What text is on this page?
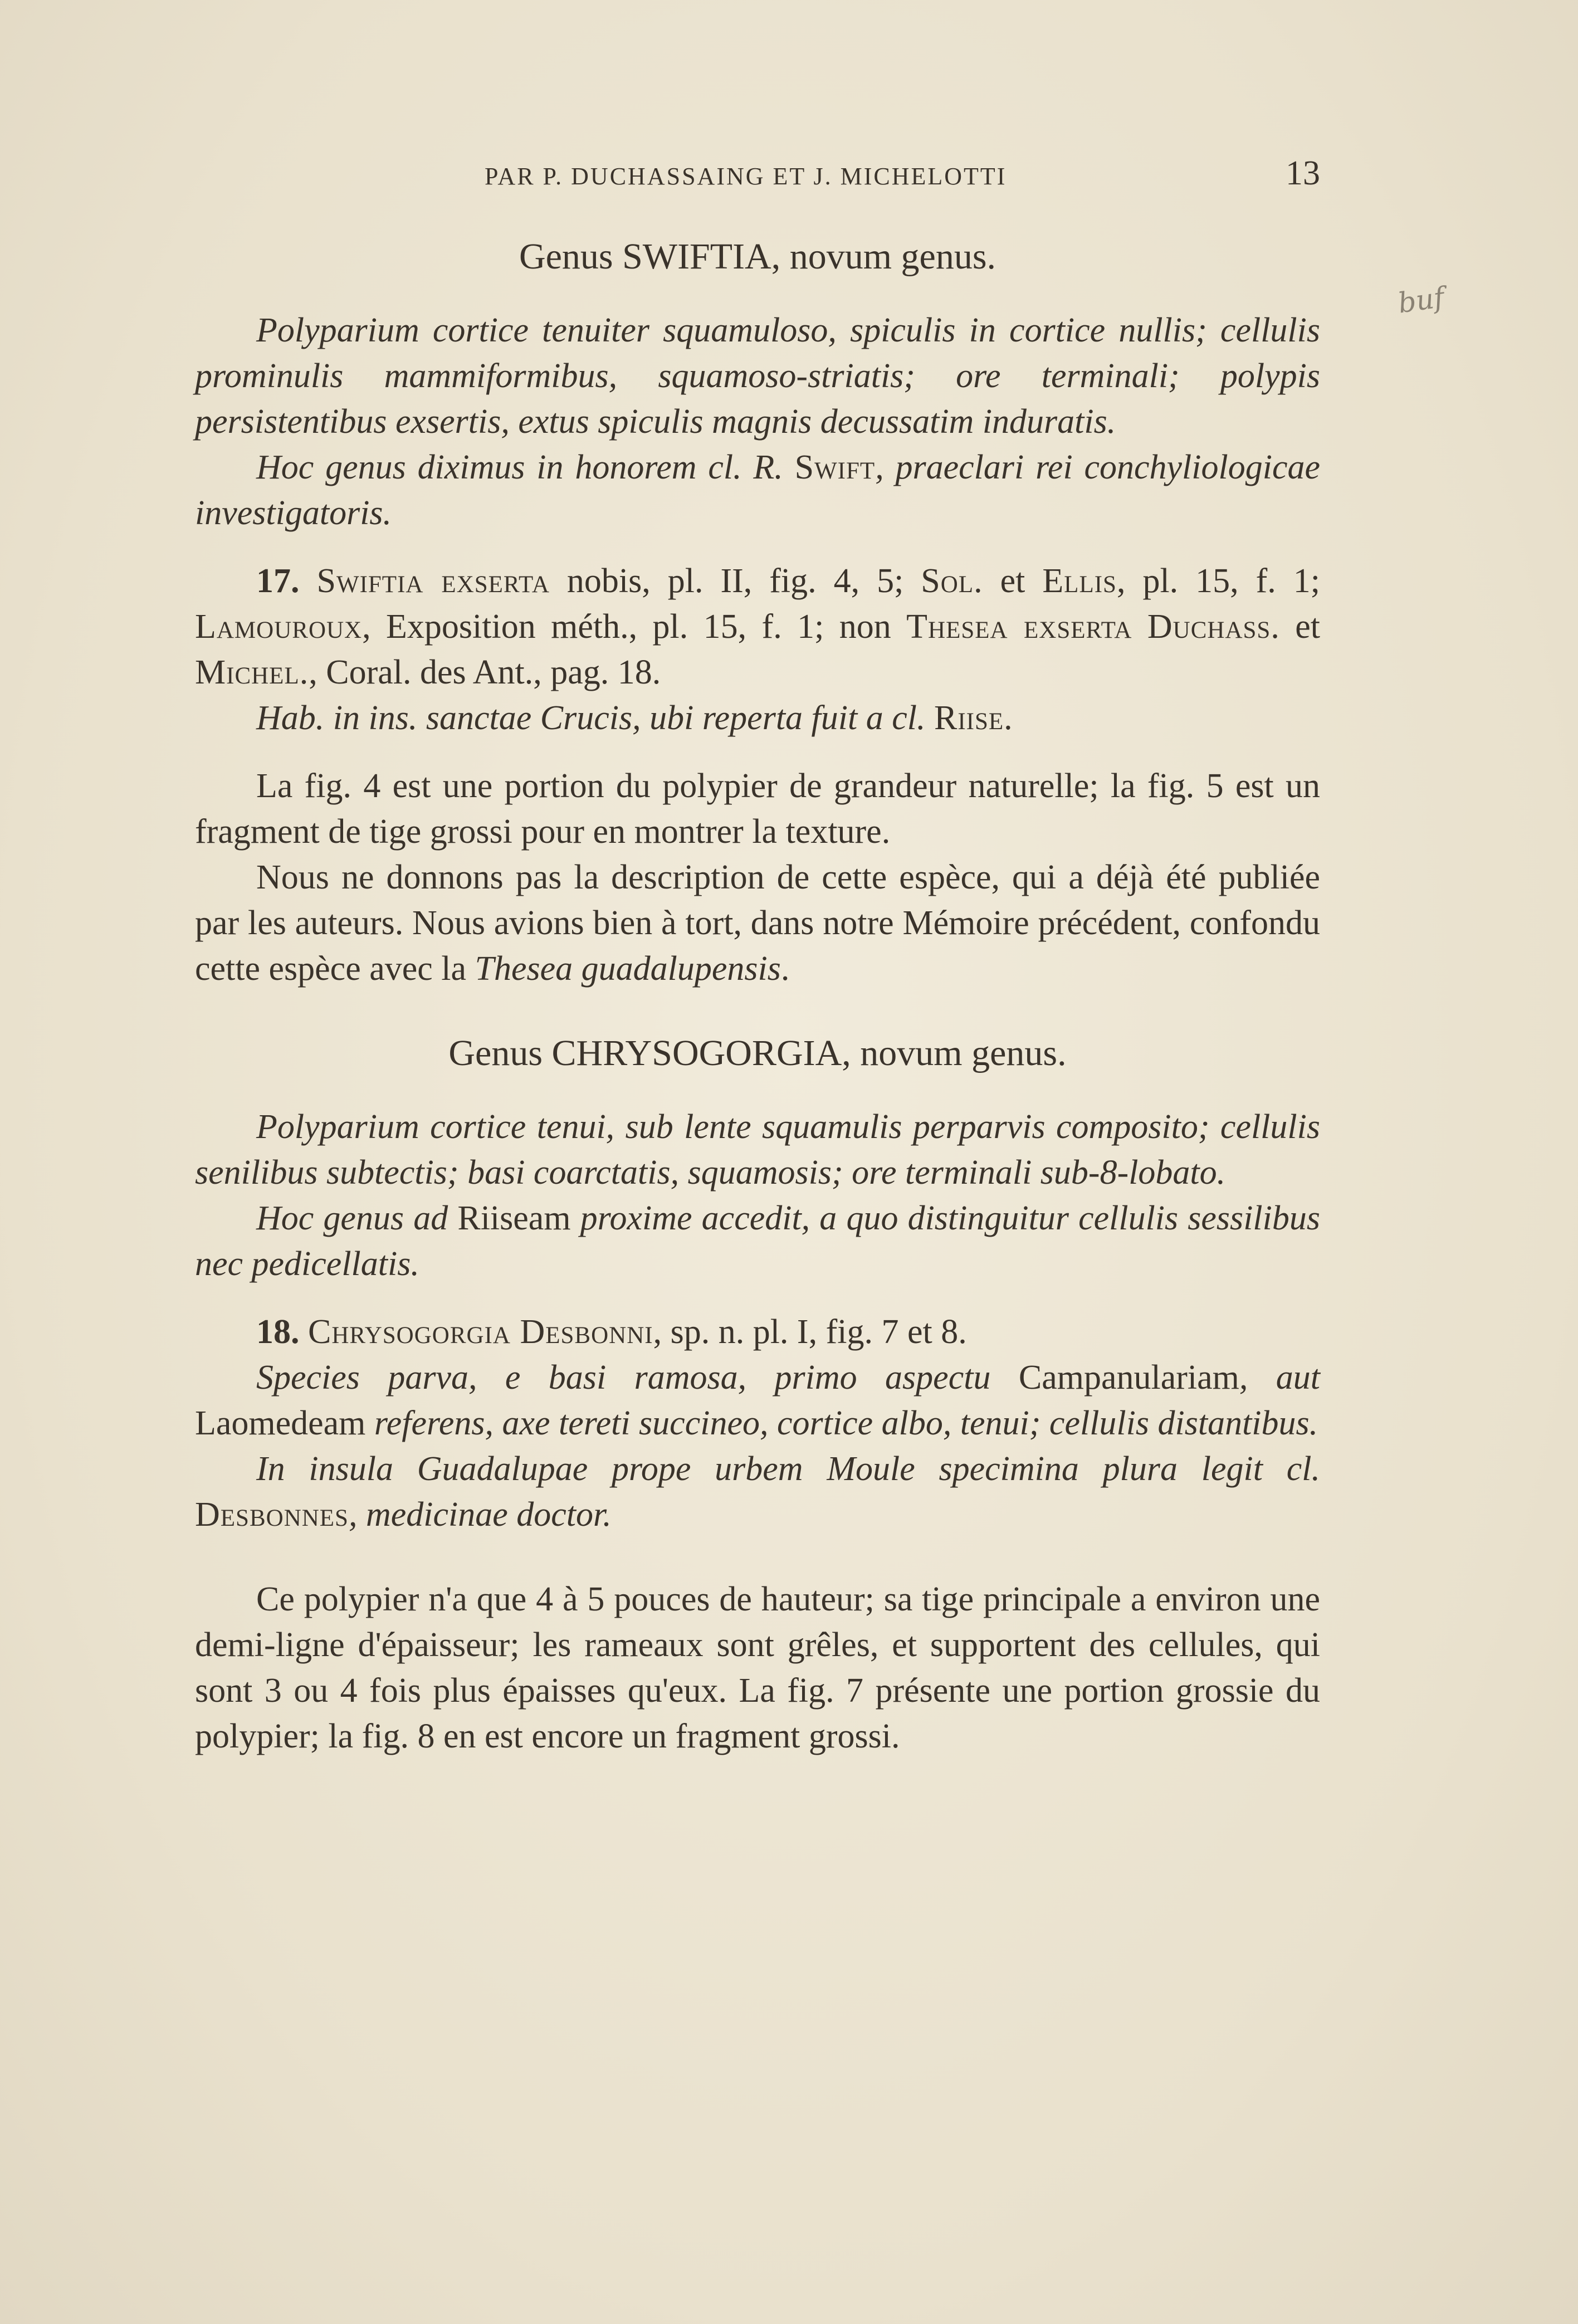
buf
PAR P. DUCHASSAING ET J. MICHELOTTI	13
Genus SWIFTIA, novum genus.

Polyparium cortice tenuiter squamuloso, spiculis in cortice nullis; cellulis prominulis mammiformibus, squamoso-striatis; ore terminali; polypis persistentibus exsertis, extus spiculis magnis decussatim induratis.

Hoc genus diximus in honorem cl. R. Swift, praeclari rei conchyliologicae investigatoris.

17. Swiftia exserta nobis, pl. II, fig. 4, 5; Sol. et Ellis, pl. 15, f. 1; Lamouroux, Exposition méth., pl. 15, f. 1; non Thesea exserta Duchass. et Michel., Coral. des Ant., pag. 18.

Hab. in ins. sanctae Crucis, ubi reperta fuit a cl. Riise.

La fig. 4 est une portion du polypier de grandeur naturelle; la fig. 5 est un fragment de tige grossi pour en montrer la texture.

Nous ne donnons pas la description de cette espèce, qui a déjà été publiée par les auteurs. Nous avions bien à tort, dans notre Mémoire précédent, confondu cette espèce avec la Thesea guadalupensis.

Genus CHRYSOGORGIA, novum genus.

Polyparium cortice tenui, sub lente squamulis perparvis composito; cellulis senilibus subtectis; basi coarctatis, squamosis; ore terminali sub-8-lobato.

Hoc genus ad Riiseam proxime accedit, a quo distinguitur cellulis sessilibus nec pedicellatis.

18. Chrysogorgia Desbonni, sp. n. pl. I, fig. 7 et 8.

Species parva, e basi ramosa, primo aspectu Campanulariam, aut Laomedeam referens, axe tereti succineo, cortice albo, tenui; cellulis distantibus.

In insula Guadalupae prope urbem Moule specimina plura legit cl. Desbonnes, medicinae doctor.

Ce polypier n'a que 4 à 5 pouces de hauteur; sa tige principale a environ une demi-ligne d'épaisseur; les rameaux sont grêles, et supportent des cellules, qui sont 3 ou 4 fois plus épaisses qu'eux. La fig. 7 présente une portion grossie du polypier; la fig. 8 en est encore un fragment grossi.
